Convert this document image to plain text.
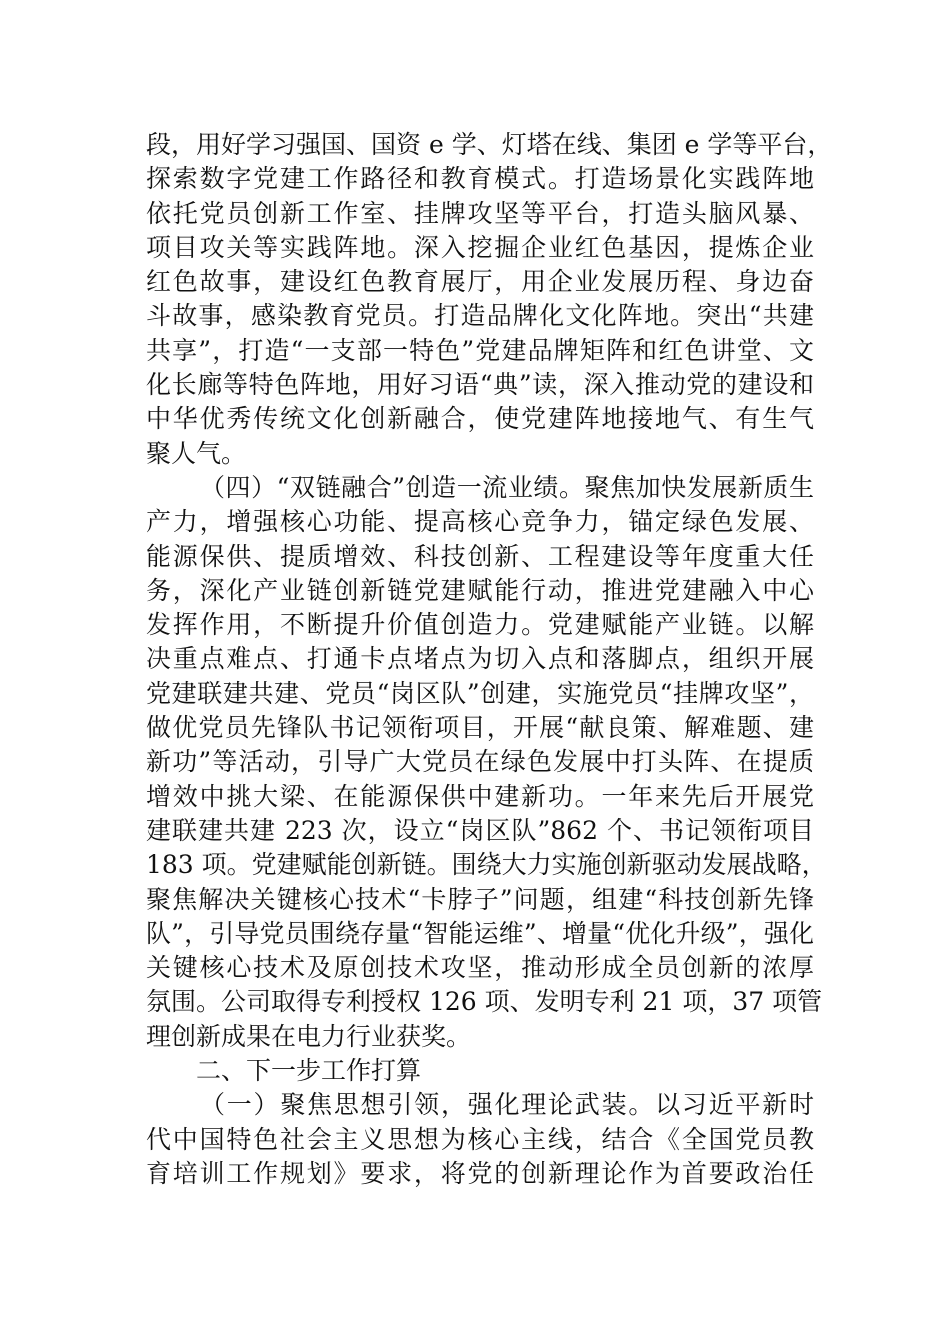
段，用好学习强国、国资 e 学、灯塔在线、集团 e 学等平台，
探索数字党建工作路径和教育模式。打造场景化实践阵地
依托党员创新工作室、挂牌攻坚等平台，打造头脑风暴、
项目攻关等实践阵地。深入挖掘企业红色基因，提炼企业
红色故事，建设红色教育展厅，用企业发展历程、身边奋
斗故事，感染教育党员。打造品牌化文化阵地。突出“共建
共享”，打造“一支部一特色”党建品牌矩阵和红色讲堂、文
化长廊等特色阵地，用好习语“典”读，深入推动党的建设和
中华优秀传统文化创新融合，使党建阵地接地气、有生气
聚人气。
（四）“双链融合”创造一流业绩。聚焦加快发展新质生
产力，增强核心功能、提高核心竞争力，锚定绿色发展、
能源保供、提质增效、科技创新、工程建设等年度重大任
务，深化产业链创新链党建赋能行动，推进党建融入中心
发挥作用，不断提升价值创造力。党建赋能产业链。以解
决重点难点、打通卡点堵点为切入点和落脚点，组织开展
党建联建共建、党员“岗区队”创建，实施党员“挂牌攻坚”，
做优党员先锋队书记领衔项目，开展“献良策、解难题、建
新功”等活动，引导广大党员在绿色发展中打头阵、在提质
增效中挑大梁、在能源保供中建新功。一年来先后开展党
建联建共建 223 次，设立“岗区队”862 个、书记领衔项目
183 项。党建赋能创新链。围绕大力实施创新驱动发展战略，
聚焦解决关键核心技术“卡脖子”问题，组建“科技创新先锋
队”，引导党员围绕存量“智能运维”、增量“优化升级”，强化
关键核心技术及原创技术攻坚，推动形成全员创新的浓厚
氛围。公司取得专利授权 126 项、发明专利 21 项，37 项管
理创新成果在电力行业获奖。
二、下一步工作打算
（一）聚焦思想引领，强化理论武装。以习近平新时
代中国特色社会主义思想为核心主线，结合《全国党员教
育培训工作规划》要求，将党的创新理论作为首要政治任
